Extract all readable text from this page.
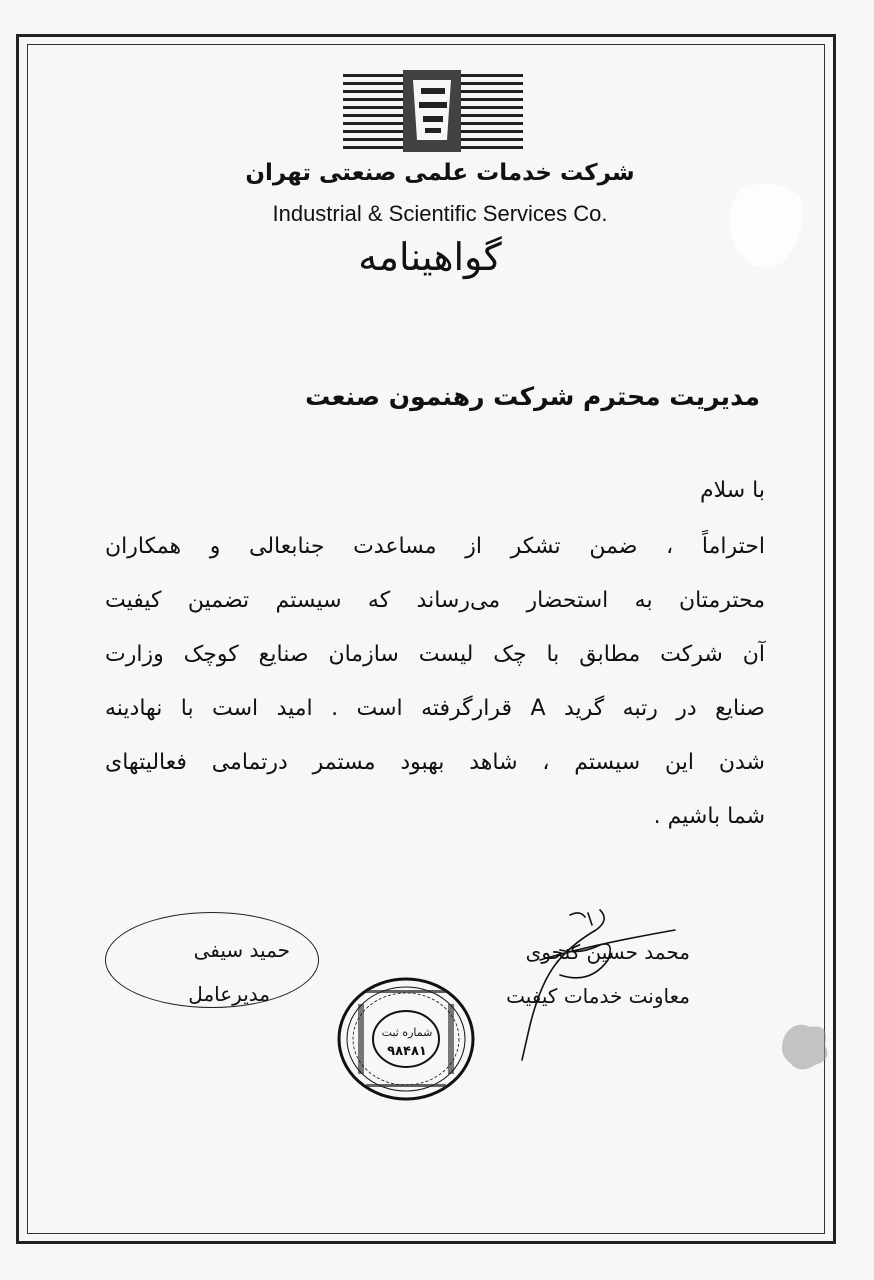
شرکت خدمات علمی صنعتی تهران
Industrial & Scientific Services Co.
گواهینامه
مدیریت محترم شرکت رهنمون صنعت
با سلام
احتراماً ، ضمن تشکر از مساعدت جنابعالی و همکاران
محترمتان به استحضار می‌رساند که سیستم تضمین کیفیت
آن شرکت مطابق با چک لیست سازمان صنایع کوچک وزارت
صنایع در رتبه گرید A قرارگرفته است . امید است با نهادینه
شدن این سیستم ، شاهد بهبود مستمر درتمامی فعالیتهای
شما باشیم .
حمید سیفی
مدیرعامل
محمد حسین کنجوی
معاونت خدمات کیفیت
شماره ثبت
۹۸۴۸۱
